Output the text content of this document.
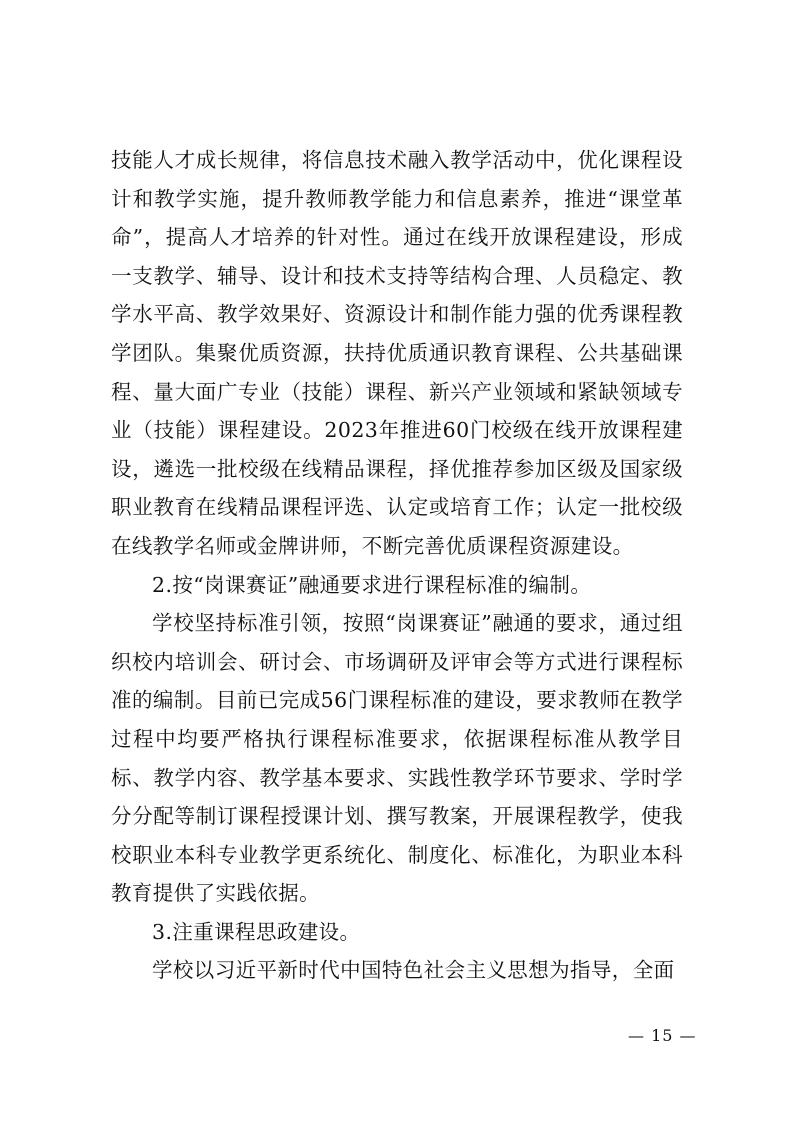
技能人才成长规律，将信息技术融入教学活动中，优化课程设计和教学实施，提升教师教学能力和信息素养，推进“课堂革命”，提高人才培养的针对性。通过在线开放课程建设，形成一支教学、辅导、设计和技术支持等结构合理、人员稳定、教学水平高、教学效果好、资源设计和制作能力强的优秀课程教学团队。集聚优质资源，扶持优质通识教育课程、公共基础课程、量大面广专业（技能）课程、新兴产业领域和紧缺领域专业（技能）课程建设。2023年推进60门校级在线开放课程建设，遴选一批校级在线精品课程，择优推荐参加区级及国家级职业教育在线精品课程评选、认定或培育工作；认定一批校级在线教学名师或金牌讲师，不断完善优质课程资源建设。

2.按“岗课赛证”融通要求进行课程标准的编制。

学校坚持标准引领，按照“岗课赛证”融通的要求，通过组织校内培训会、研讨会、市场调研及评审会等方式进行课程标准的编制。目前已完成56门课程标准的建设，要求教师在教学过程中均要严格执行课程标准要求，依据课程标准从教学目标、教学内容、教学基本要求、实践性教学环节要求、学时学分分配等制订课程授课计划、撰写教案，开展课程教学，使我校职业本科专业教学更系统化、制度化、标准化，为职业本科教育提供了实践依据。

3.注重课程思政建设。

学校以习近平新时代中国特色社会主义思想为指导，全面

— 15 —
